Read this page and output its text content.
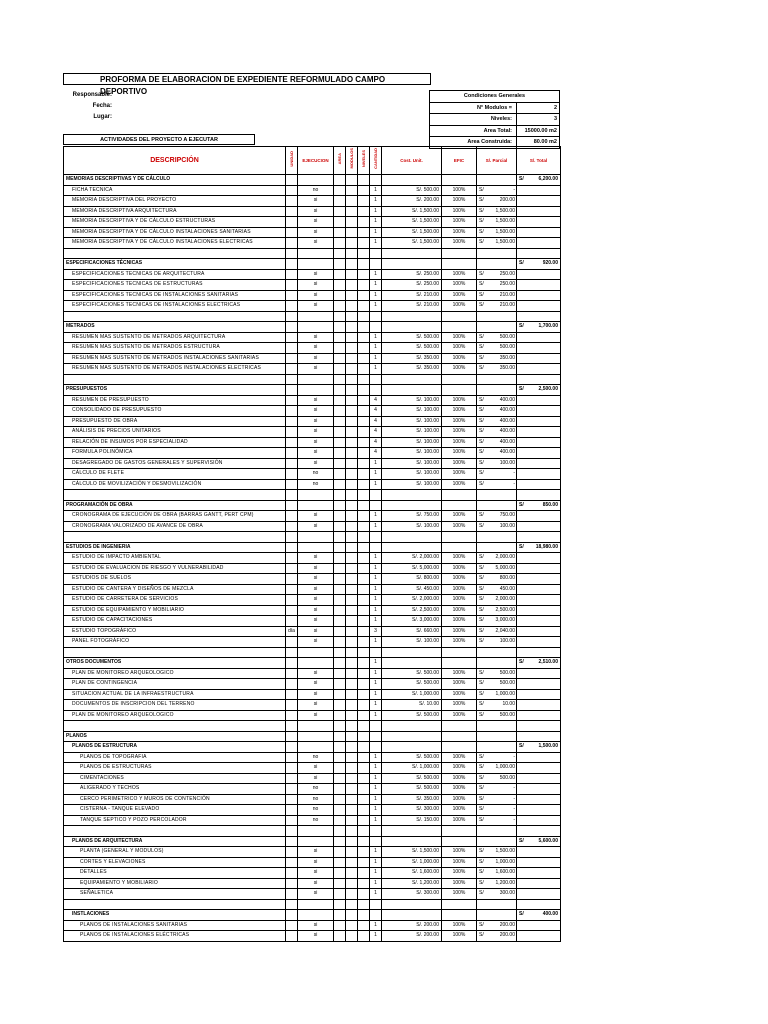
PROFORMA DE ELABORACION DE EXPEDIENTE REFORMULADO CAMPO DEPORTIVO
Responsable:
Fecha:
Lugar:
Condiciones Generales
N° Modulos =	2
Niveles:	3
Area Total:	15000.00 m2
Area Construida:	80.00 m2
ACTIVIDADES DEL PROYECTO A EJECUTAR
DESCRIPCIÓN	UNIDAD	EJECUCION	AREA	MODULOS	NIVELES	CANTIDAD	Cost. Unit.	EFIC	S/. Parcial	S/. Total
MEMORIAS DESCRIPTIVAS Y DE CÁLCULO										S/ 6,200.00
FICHA TECNICA		no				1	S/. 500.00	100%	S/ -	
MEMORIA DESCRIPTIVA DEL PROYECTO		si				1	S/. 200.00	100%	S/ 200.00	
MEMORIA DESCRIPTIVA ARQUITECTURA		si				1	S/. 1,500.00	100%	S/ 1,500.00	
MEMORIA DESCRIPTIVA Y DE CÁLCULO ESTRUCTURAS		si				1	S/. 1,500.00	100%	S/ 1,500.00	
MEMORIA DESCRIPTIVA Y DE CÁLCULO INSTALACIONES SANITARIAS		si				1	S/. 1,500.00	100%	S/ 1,500.00	
MEMORIA DESCRIPTIVA Y DE CÁLCULO INSTALACIONES ELECTRICAS		si				1	S/. 1,500.00	100%	S/ 1,500.00	

ESPECIFICACIONES TÉCNICAS										S/ 920.00
ESPECIFICACIONES TECNICAS DE ARQUITECTURA		si				1	S/. 250.00	100%	S/ 250.00	
ESPECIFICACIONES TECNICAS DE ESTRUCTURAS		si				1	S/. 250.00	100%	S/ 250.00	
ESPECIFICACIONES TECNICAS DE INSTALACIONES SANITARIAS		si				1	S/. 210.00	100%	S/ 210.00	
ESPECIFICACIONES TECNICAS DE INSTALACIONES ELECTRICAS		si				1	S/. 210.00	100%	S/ 210.00	

METRADOS										S/ 1,700.00
RESUMEN MAS SUSTENTO DE METRADOS ARQUITECTURA		si				1	S/. 500.00	100%	S/ 500.00	
RESUMEN MAS SUSTENTO DE METRADOS ESTRUCTURA		si				1	S/. 500.00	100%	S/ 500.00	
RESUMEN MAS SUSTENTO DE METRADOS INSTALACIONES SANITARIAS		si				1	S/. 350.00	100%	S/ 350.00	
RESUMEN MAS SUSTENTO DE METRADOS INSTALACIONES ELECTRICAS		si				1	S/. 350.00	100%	S/ 350.00	

PRESUPUESTOS										S/ 2,500.00
RESUMEN DE PRESUPUESTO		si				4	S/. 100.00	100%	S/ 400.00	
CONSOLIDADO DE PRESUPUESTO		si				4	S/. 100.00	100%	S/ 400.00	
PRESUPUESTO DE OBRA		si				4	S/. 100.00	100%	S/ 400.00	
ANÁLISIS DE PRECIOS UNITARIOS		si				4	S/. 100.00	100%	S/ 400.00	
RELACIÓN DE INSUMOS POR ESPECIALIDAD		si				4	S/. 100.00	100%	S/ 400.00	
FORMULA POLINÓMICA		si				4	S/. 100.00	100%	S/ 400.00	
DESAGREGADO DE GASTOS GENERALES Y SUPERVISIÓN		si				1	S/. 100.00	100%	S/ 100.00	
CÁLCULO DE FLETE		no				1	S/. 100.00	100%	S/ -	
CÁLCULO DE MOVILIZACIÓN Y DESMOVILIZACIÓN		no				1	S/. 100.00	100%	S/ -	

PROGRAMACIÓN DE OBRA										S/ 850.00
CRONOGRAMA DE EJECUCIÓN DE OBRA (BARRAS GANTT, PERT CPM)		si				1	S/. 750.00	100%	S/ 750.00	
CRONOGRAMA VALORIZADO DE AVANCE DE OBRA		si				1	S/. 100.00	100%	S/ 100.00	

ESTUDIOS DE INGENIERIA										S/ 18,980.00
ESTUDIO DE IMPACTO AMBIENTAL		si				1	S/. 2,000.00	100%	S/ 2,000.00	
ESTUDIO DE EVALUACION DE RIESGO Y VULNERABILIDAD		si				1	S/. 5,000.00	100%	S/ 5,000.00	
ESTUDIOS DE SUELOS		si				1	S/. 800.00	100%	S/ 800.00	
ESTUDIO DE CANTERA Y DISEÑOS DE MEZCLA		si				1	S/. 450.00	100%	S/ 450.00	
ESTUDIO DE CARRETERA DE SERVICIOS		si				1	S/. 2,000.00	100%	S/ 2,000.00	
ESTUDIO DE EQUIPAMIENTO Y MOBILIARIO		si				1	S/. 2,500.00	100%	S/ 2,500.00	
ESTUDIO DE CAPACITACIONES		si				1	S/. 3,000.00	100%	S/ 3,000.00	
ESTUDIO TOPOGRÁFICO	día	si				3	S/. 660.00	100%	S/ 2,040.00	
PANEL FOTOGRÁFICO		si				1	S/. 100.00	100%	S/ 100.00	

OTROS DOCUMENTOS						1				S/ 2,510.00
PLAN DE MONITOREO ARQUEOLOGICO		si				1	S/. 500.00	100%	S/ 500.00	
PLAN DE CONTINGENCIA		si				1	S/. 500.00	100%	S/ 500.00	
SITUACION ACTUAL DE LA INFRAESTRUCTURA		si				1	S/. 1,000.00	100%	S/ 1,000.00	
DOCUMENTOS DE INSCRIPCION DEL TERRENO		si				1	S/. 10.00	100%	S/ 10.00	
PLAN DE MONITOREO ARQUEOLOGICO		si				1	S/. 500.00	100%	S/ 500.00	

PLANOS										
PLANOS DE ESTRUCTURA										S/ 1,500.00
PLANOS DE TOPOGRAFIA		no				1	S/. 500.00	100%	S/ -	
PLANOS DE ESTRUCTURAS		si				1	S/. 1,000.00	100%	S/ 1,000.00	
CIMENTACIONES		si				1	S/. 500.00	100%	S/ 500.00	
ALIGERADO Y TECHOS		no				1	S/. 500.00	100%	S/ -	
CERCO PERIMETRICO Y MUROS DE CONTENCIÓN		no				1	S/. 350.00	100%	S/ -	
CISTERNA - TANQUE ELEVADO		no				1	S/. 300.00	100%	S/ -	
TANQUE SEPTICO Y POZO PERCOLADOR		no				1	S/. 150.00	100%	S/ -	

PLANOS DE ARQUITECTURA										S/ 5,600.00
PLANTA (GENERAL Y MODULOS)		si				1	S/. 1,500.00	100%	S/ 1,500.00	
CORTES Y ELEVACIONES		si				1	S/. 1,000.00	100%	S/ 1,000.00	
DETALLES		si				1	S/. 1,600.00	100%	S/ 1,600.00	
EQUIPAMIENTO Y MOBILIARIO		si				1	S/. 1,200.00	100%	S/ 1,200.00	
SEÑALETICA		si				1	S/. 300.00	100%	S/ 300.00	

INSTLACIONES										S/ 400.00
PLANOS DE INSTALACIONES SANITARIAS		si				1	S/. 200.00	100%	S/ 200.00	
PLANOS DE INSTALACIONES ELÉCTRICAS		si				1	S/. 200.00	100%	S/ 200.00	
